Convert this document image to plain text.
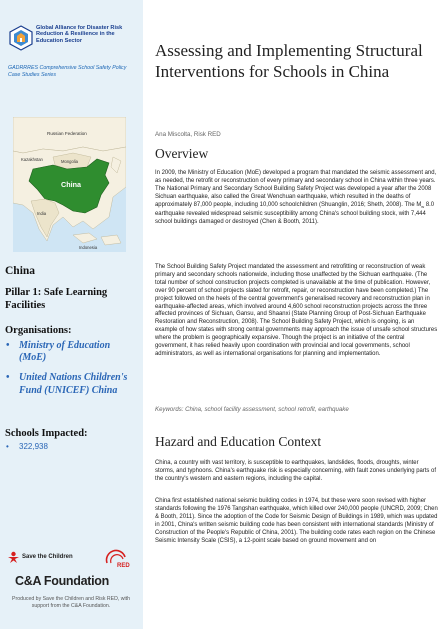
Global Alliance for Disaster Risk Reduction & Resilience in the Education Sector
GADRRRES Comprehensive School Safety Policy Case Studies Series
Russian Federation
Kazakhstan	Mongolia
China
India
Indonesia
China
Pillar 1: Safe Learning Facilities
Organisations:
• Ministry of Education (MoE)
• United Nations Children's Fund (UNICEF) China
Schools Impacted:
• 322,938
Save the Children
RED
C&A Foundation
Produced by Save the Children and Risk RED, with support from the C&A Foundation.
Assessing and Implementing Structural Interventions for Schools in China
Ana Miscolta, Risk RED
Overview
In 2009, the Ministry of Education (MoE) developed a program that mandated the seismic assessment and, as needed, the retrofit or reconstruction of every primary and secondary school in China within three years. The National Primary and Secondary School Building Safety Project was developed a year after the 2008 Sichuan earthquake, also called the Great Wenchuan earthquake, which resulted in the deaths of approximately 87,000 people, including 10,000 schoolchildren (Shuanglin, 2016; Sheth, 2008). The $M_w$ 8.0 earthquake revealed widespread seismic susceptibility among China's school building stock, with 7,444 school buildings damaged or destroyed (Chen & Booth, 2011).
The School Building Safety Project mandated the assessment and retrofitting or reconstruction of weak primary and secondary schools nationwide, including those unaffected by the Sichuan earthquake. (The total number of school construction projects completed is unavailable at the time of publication. However, over 90 percent of school projects slated for retrofit, repair, or reconstruction have been completed.) The project followed on the heels of the central government's generalised recovery and reconstruction plan in earthquake-affected areas, which involved around 4,600 school reconstruction projects across the three affected provinces of Sichuan, Gansu, and Shaanxi (State Planning Group of Post-Sichuan Earthquake Restoration and Reconstruction, 2008). The School Building Safety Project, which is ongoing, is an example of how states with strong central governments may approach the issue of unsafe school structures where the problem is geographically expansive. Though the project is an initiative of the central government, it has relied heavily upon coordination with provincial and local governments, school administrators, as well as international organisations for planning and implementation.
Keywords: China, school facility assessment, school retrofit, earthquake
Hazard and Education Context
China, a country with vast territory, is susceptible to earthquakes, landslides, floods, droughts, winter storms, and typhoons. China's earthquake risk is especially concerning, with fault zones underlying parts of the country's western and eastern regions, including the capital.
China first established national seismic building codes in 1974, but these were soon revised with higher standards following the 1976 Tangshan earthquake, which killed over 240,000 people (UNCRD, 2009; Chen & Booth, 2011). Since the adoption of the Code for Seismic Design of Buildings in 1989, which was updated in 2001, China's written seismic building code has been consistent with international standards (Ministry of Construction of the People's Republic of China, 2001). The building code rates each region on the Chinese Seismic Intensity Scale (CSIS), a 12-point scale based on ground movement and on
